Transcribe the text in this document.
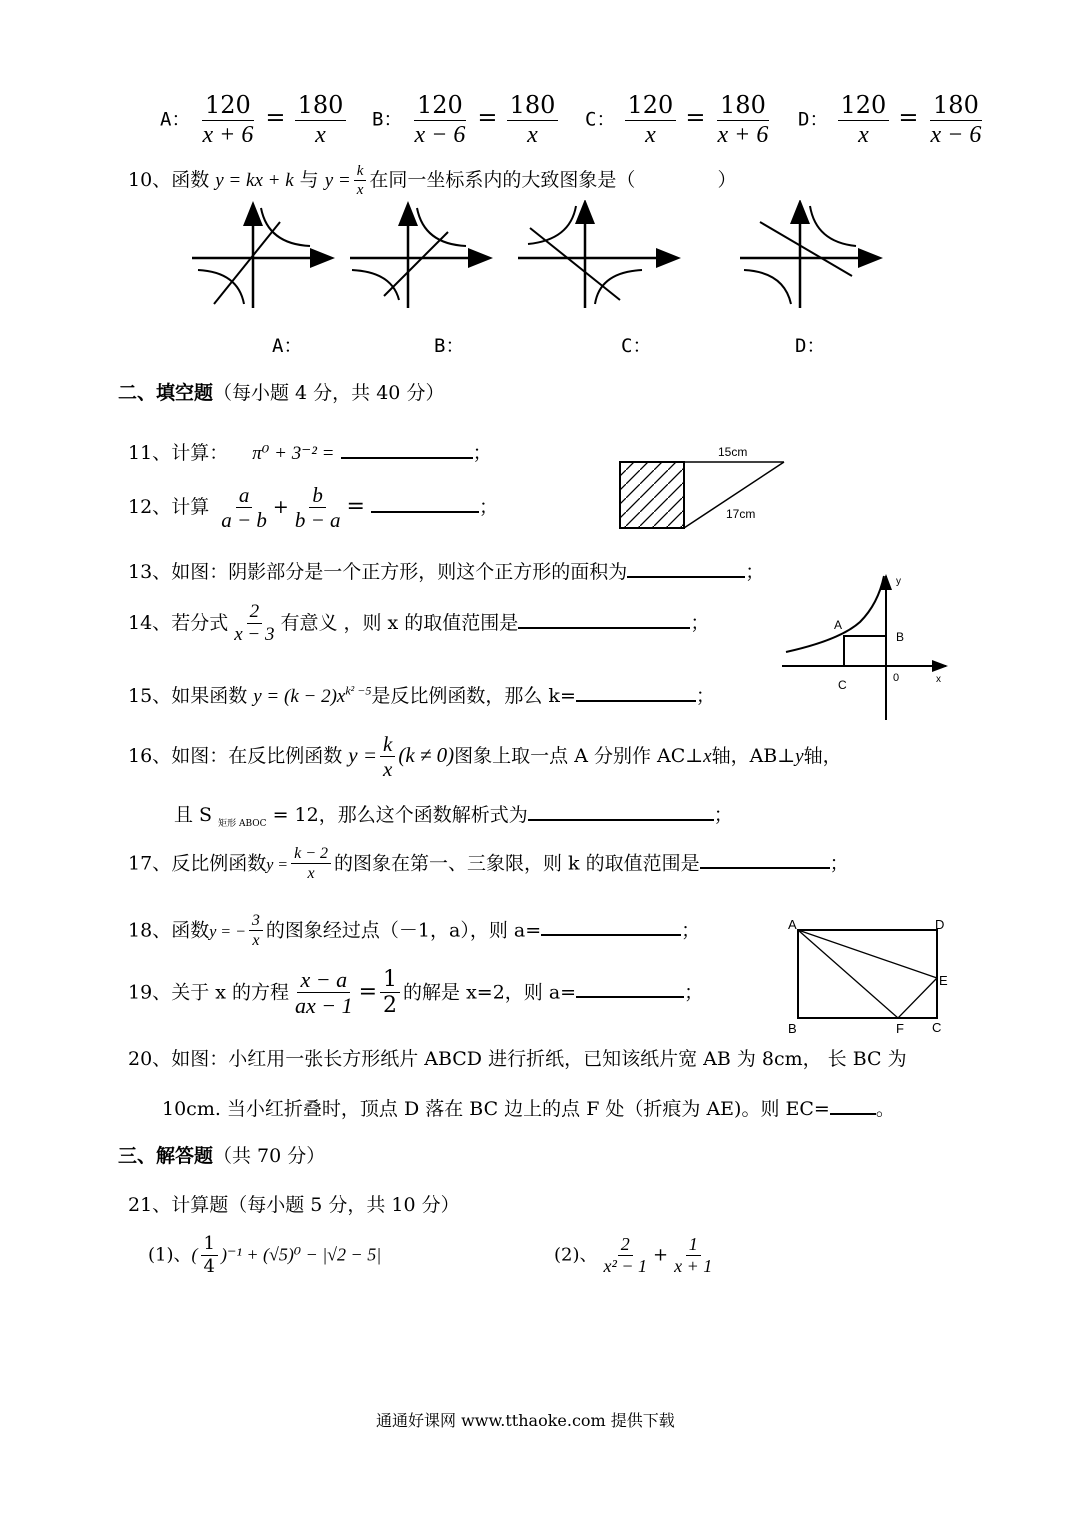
A： $\frac{120}{x + 6} = \frac{180}{x}$ B： $\frac{120}{x - 6} = \frac{180}{x}$ C： $\frac{120}{x} = \frac{180}{x + 6}$ D： $\frac{120}{x} = \frac{180}{x - 6}$
10、函数 y = kx + k 与 $y = \frac{k}{x}$ 在同一坐标系内的大致图象是（	）
A：	B：	C：	D：
二、填空题（每小题 4 分，共 40 分）
11、计算： π⁰ + 3⁻² =	；	15cm
17cm
12、计算 $\frac{a}{a - b} + \frac{b}{b - a}$ =	；
13、如图：阴影部分是一个正方形，则这个正方形的面积为	；
A
B
C	0	x
y
14、若分式 $\frac{2}{x - 3}$ 有意义 ，则 x 的取值范围是	；
15、如果函数 $y = (k - 2)x^{k^2 -5}$是反比例函数，那么 k=	；
16、如图：在反比例函数 $y = \frac{k}{x} (k \ne 0)$图象上取一点 A 分别作 AC⊥x轴，AB⊥y轴，
且 S $_{矩形 ABOC}$ = 12，那么这个函数解析式为	；
17、反比例函数$y = \frac{k - 2}{x}$ 的图象在第一、三象限，则 k 的取值范围是	；
A	D
E
B	F C
18、函数y = − $\frac{3}{x}$ 的图象经过点（－1，a），则 a=	；
19、关于 x 的方程 $\frac{x - a}{ax - 1} = \frac{1}{2}$ 的解是 x=2，则 a=	；
20、如图：小红用一张长方形纸片 ABCD 进行折纸，已知该纸片宽 AB 为 8cm， 长 BC 为
10cm. 当小红折叠时，顶点 D 落在 BC 边上的点 F 处（折痕为 AE)。则 EC= 。
三、解答题（共 70 分）
21、计算题（每小题 5 分，共 10 分）
(1)、( $\frac{1}{4} )^{-1} + (√5)^0 - |√2 - 5|$	(2)、 $\frac{2}{\text{x² − 1}} + \frac{1}{x + 1}$
通通好课网 www.tthaoke.com 提供下载
